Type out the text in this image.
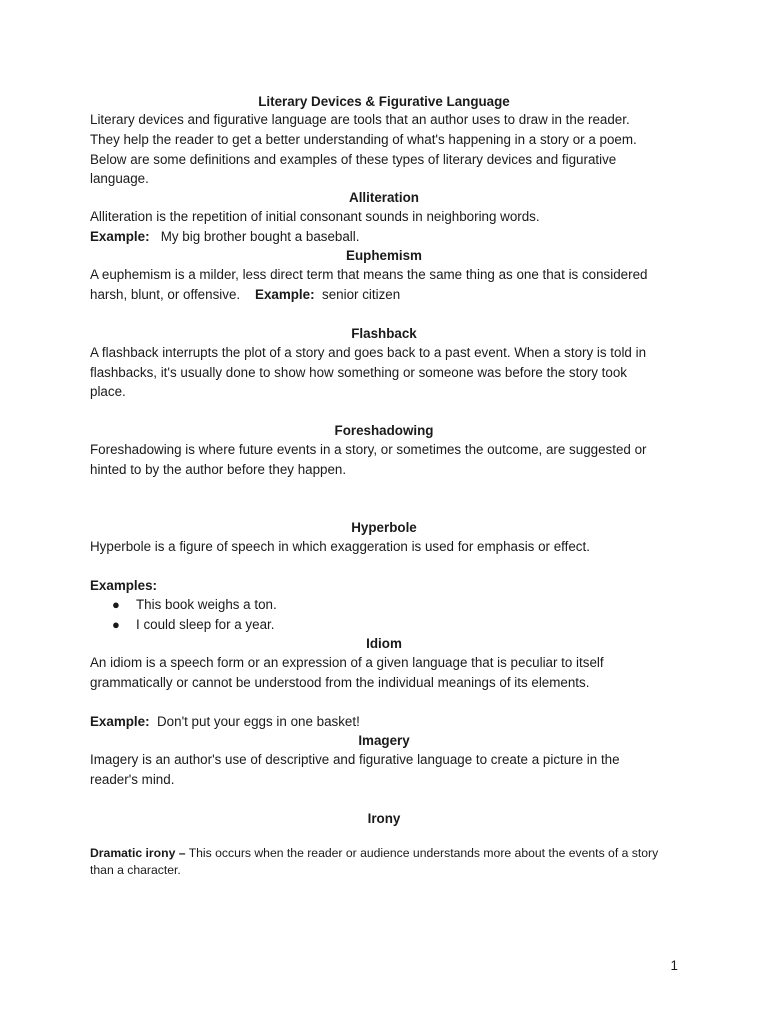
Literary Devices & Figurative Language

Literary devices and figurative language are tools that an author uses to draw in the reader.

They help the reader to get a better understanding of what's happening in a story or a poem.

Below are some definitions and examples of these types of literary devices and figurative

language.

Alliteration

Alliteration is the repetition of initial consonant sounds in neighboring words.

Example: My big brother bought a baseball.

Euphemism

A euphemism is a milder, less direct term that means the same thing as one that is considered

harsh, blunt, or offensive. Example: senior citizen

Flashback

A flashback interrupts the plot of a story and goes back to a past event. When a story is told in

flashbacks, it's usually done to show how something or someone was before the story took

place.

Foreshadowing

Foreshadowing is where future events in a story, or sometimes the outcome, are suggested or

hinted to by the author before they happen.

Hyperbole

Hyperbole is a figure of speech in which exaggeration is used for emphasis or effect.

Examples:

● This book weighs a ton.
● I could sleep for a year.

Idiom

An idiom is a speech form or an expression of a given language that is peculiar to itself

grammatically or cannot be understood from the individual meanings of its elements.

Example: Don't put your eggs in one basket!

Imagery

Imagery is an author's use of descriptive and figurative language to create a picture in the

reader's mind.

Irony

Dramatic irony – This occurs when the reader or audience understands more about the events of a story

than a character.

1
